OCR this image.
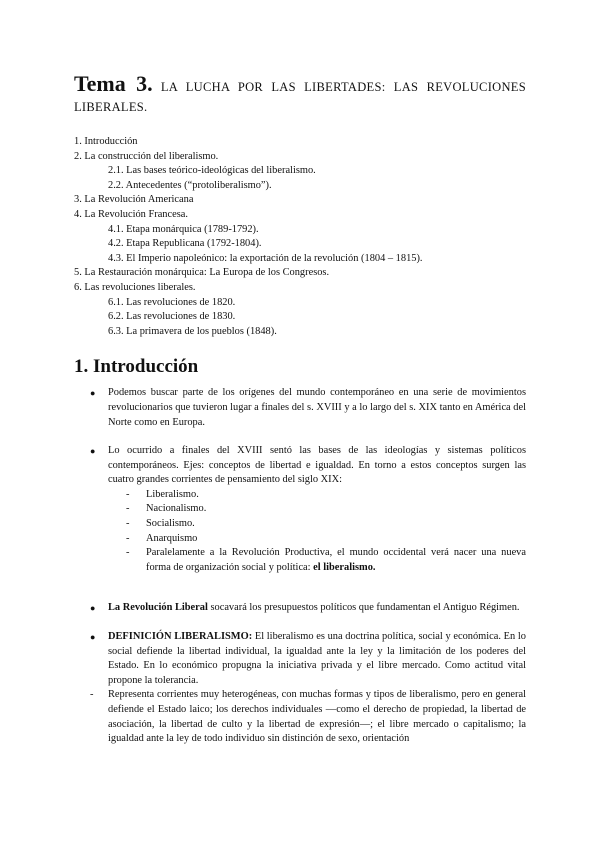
Tema 3. LA LUCHA POR LAS LIBERTADES: LAS REVOLUCIONES LIBERALES.

1. Introducción
2. La construcción del liberalismo.
2.1. Las bases teórico-ideológicas del liberalismo.
2.2. Antecedentes (“protoliberalismo”).
3. La Revolución Americana
4. La Revolución Francesa.
4.1. Etapa monárquica (1789-1792).
4.2. Etapa Republicana (1792-1804).
4.3. El Imperio napoleónico: la exportación de la revolución (1804 – 1815).
5. La Restauración monárquica: La Europa de los Congresos.
6. Las revoluciones liberales.
6.1. Las revoluciones de 1820.
6.2. Las revoluciones de 1830.
6.3. La primavera de los pueblos (1848).
1. Introducción
● Podemos buscar parte de los orígenes del mundo contemporáneo en una serie de movimientos revolucionarios que tuvieron lugar a finales del s. XVIII y a lo largo del s. XIX tanto en América del Norte como en Europa.
● Lo ocurrido a finales del XVIII sentó las bases de las ideologías y sistemas políticos contemporáneos. Ejes: conceptos de libertad e igualdad. En torno a estos conceptos surgen las cuatro grandes corrientes de pensamiento del siglo XIX:
- Liberalismo.
- Nacionalismo.
- Socialismo.
- Anarquismo
- Paralelamente a la Revolución Productiva, el mundo occidental verá nacer una nueva forma de organización social y política: el liberalismo.
● La Revolución Liberal socavará los presupuestos políticos que fundamentan el Antiguo Régimen.
● DEFINICIÓN LIBERALISMO: El liberalismo es una doctrina política, social y económica. En lo social defiende la libertad individual, la igualdad ante la ley y la limitación de los poderes del Estado. En lo económico propugna la iniciativa privada y el libre mercado. Como actitud vital propone la tolerancia.
- Representa corrientes muy heterogéneas, con muchas formas y tipos de liberalismo, pero en general defiende el Estado laico; los derechos individuales —como el derecho de propiedad, la libertad de asociación, la libertad de culto y la libertad de expresión—; el libre mercado o capitalismo; la igualdad ante la ley de todo individuo sin distinción de sexo, orientación
